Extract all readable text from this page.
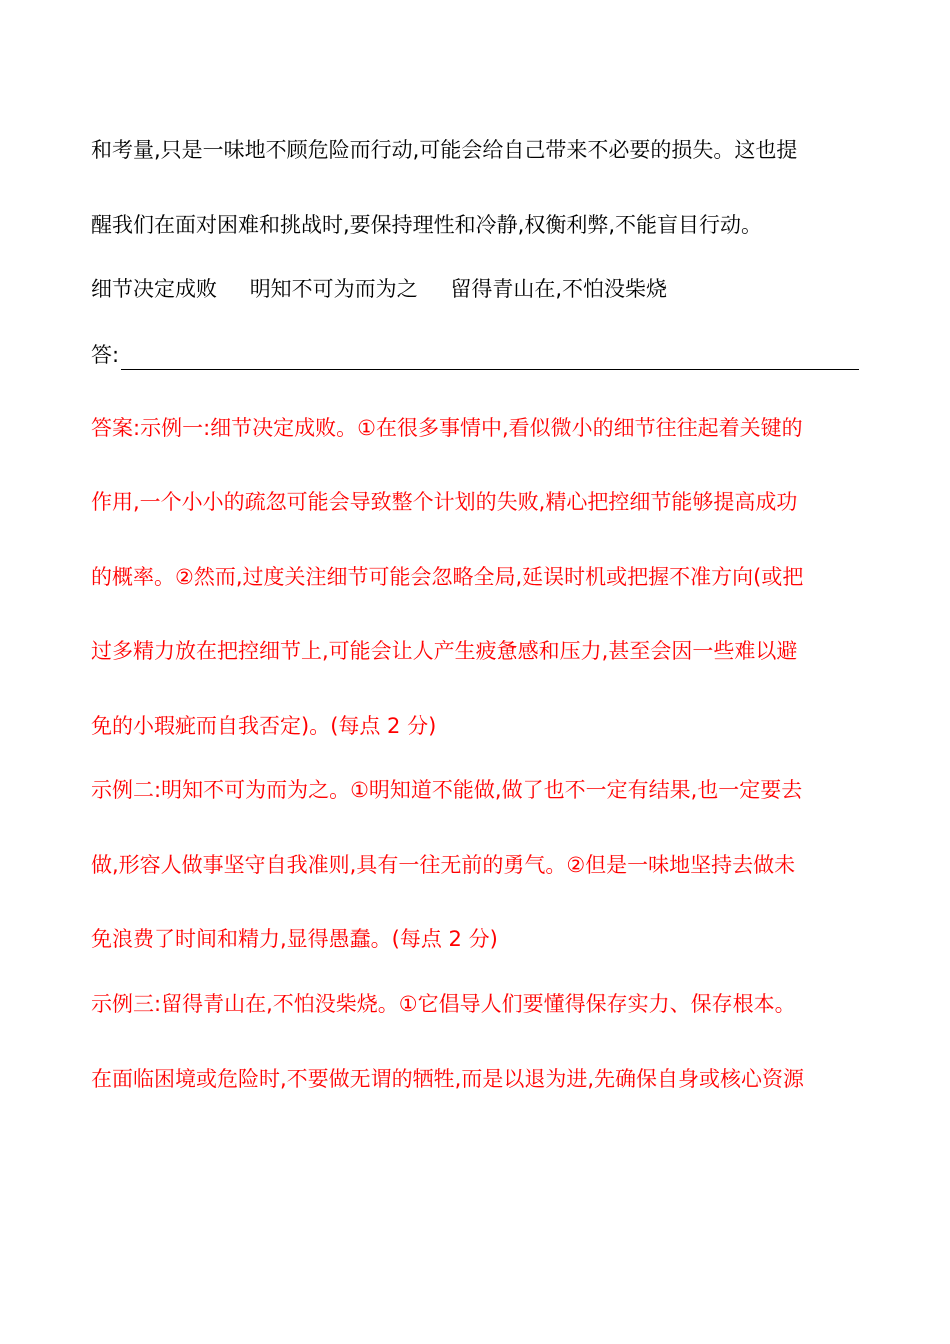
和考量,只是一味地不顾危险而行动,可能会给自己带来不必要的损失。这也提

醒我们在面对困难和挑战时,要保持理性和冷静,权衡利弊,不能盲目行动。

细节决定成败 明知不可为而为之 留得青山在,不怕没柴烧

答:

答案:示例一:细节决定成败。①在很多事情中,看似微小的细节往往起着关键的

作用,一个小小的疏忽可能会导致整个计划的失败,精心把控细节能够提高成功

的概率。②然而,过度关注细节可能会忽略全局,延误时机或把握不准方向(或把

过多精力放在把控细节上,可能会让人产生疲惫感和压力,甚至会因一些难以避

免的小瑕疵而自我否定)。(每点 2 分)

示例二:明知不可为而为之。①明知道不能做,做了也不一定有结果,也一定要去

做,形容人做事坚守自我准则,具有一往无前的勇气。②但是一味地坚持去做未

免浪费了时间和精力,显得愚蠢。(每点 2 分)

示例三:留得青山在,不怕没柴烧。①它倡导人们要懂得保存实力、保存根本。

在面临困境或危险时,不要做无谓的牺牲,而是以退为进,先确保自身或核心资源
